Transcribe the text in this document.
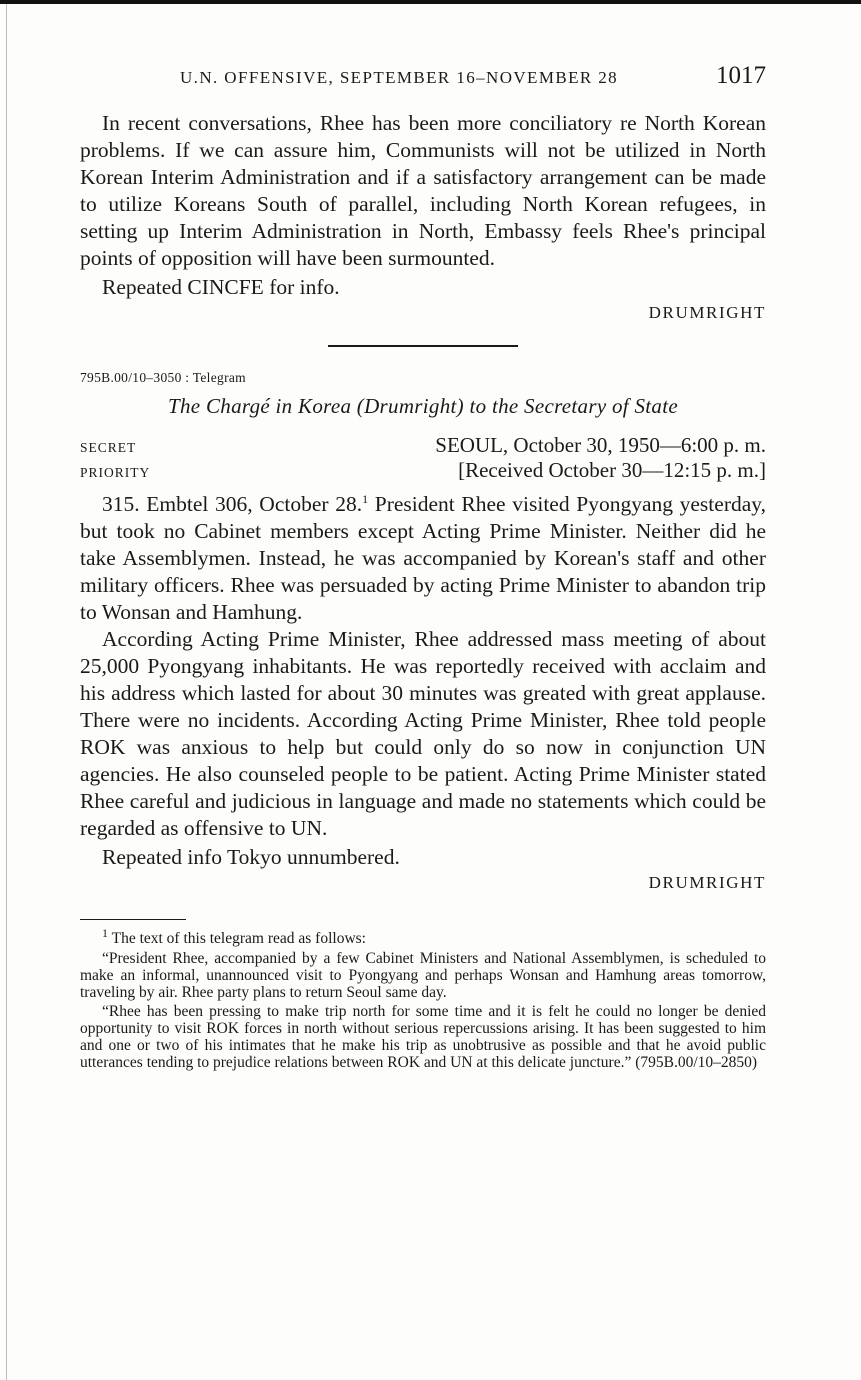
U.N. OFFENSIVE, SEPTEMBER 16–NOVEMBER 28	1017

In recent conversations, Rhee has been more conciliatory re North Korean problems. If we can assure him, Communists will not be utilized in North Korean Interim Administration and if a satisfactory arrangement can be made to utilize Koreans South of parallel, including North Korean refugees, in setting up Interim Administration in North, Embassy feels Rhee's principal points of opposition will have been surmounted.

Repeated CINCFE for info.

DRUMRIGHT

795B.00/10–3050 : Telegram

The Chargé in Korea (Drumright) to the Secretary of State

SECRET	SEOUL, October 30, 1950—6:00 p. m.
PRIORITY	[Received October 30—12:15 p. m.]

315. Embtel 306, October 28.$^1$ President Rhee visited Pyongyang yesterday, but took no Cabinet members except Acting Prime Minister. Neither did he take Assemblymen. Instead, he was accompanied by Korean's staff and other military officers. Rhee was persuaded by acting Prime Minister to abandon trip to Wonsan and Hamhung.

According Acting Prime Minister, Rhee addressed mass meeting of about 25,000 Pyongyang inhabitants. He was reportedly received with acclaim and his address which lasted for about 30 minutes was greated with great applause. There were no incidents. According Acting Prime Minister, Rhee told people ROK was anxious to help but could only do so now in conjunction UN agencies. He also counseled people to be patient. Acting Prime Minister stated Rhee careful and judicious in language and made no statements which could be regarded as offensive to UN.

Repeated info Tokyo unnumbered.

DRUMRIGHT

$^1$ The text of this telegram read as follows:

“President Rhee, accompanied by a few Cabinet Ministers and National Assemblymen, is scheduled to make an informal, unannounced visit to Pyongyang and perhaps Wonsan and Hamhung areas tomorrow, traveling by air. Rhee party plans to return Seoul same day.

“Rhee has been pressing to make trip north for some time and it is felt he could no longer be denied opportunity to visit ROK forces in north without serious repercussions arising. It has been suggested to him and one or two of his intimates that he make his trip as unobtrusive as possible and that he avoid public utterances tending to prejudice relations between ROK and UN at this delicate juncture.” (795B.00/10–2850)
